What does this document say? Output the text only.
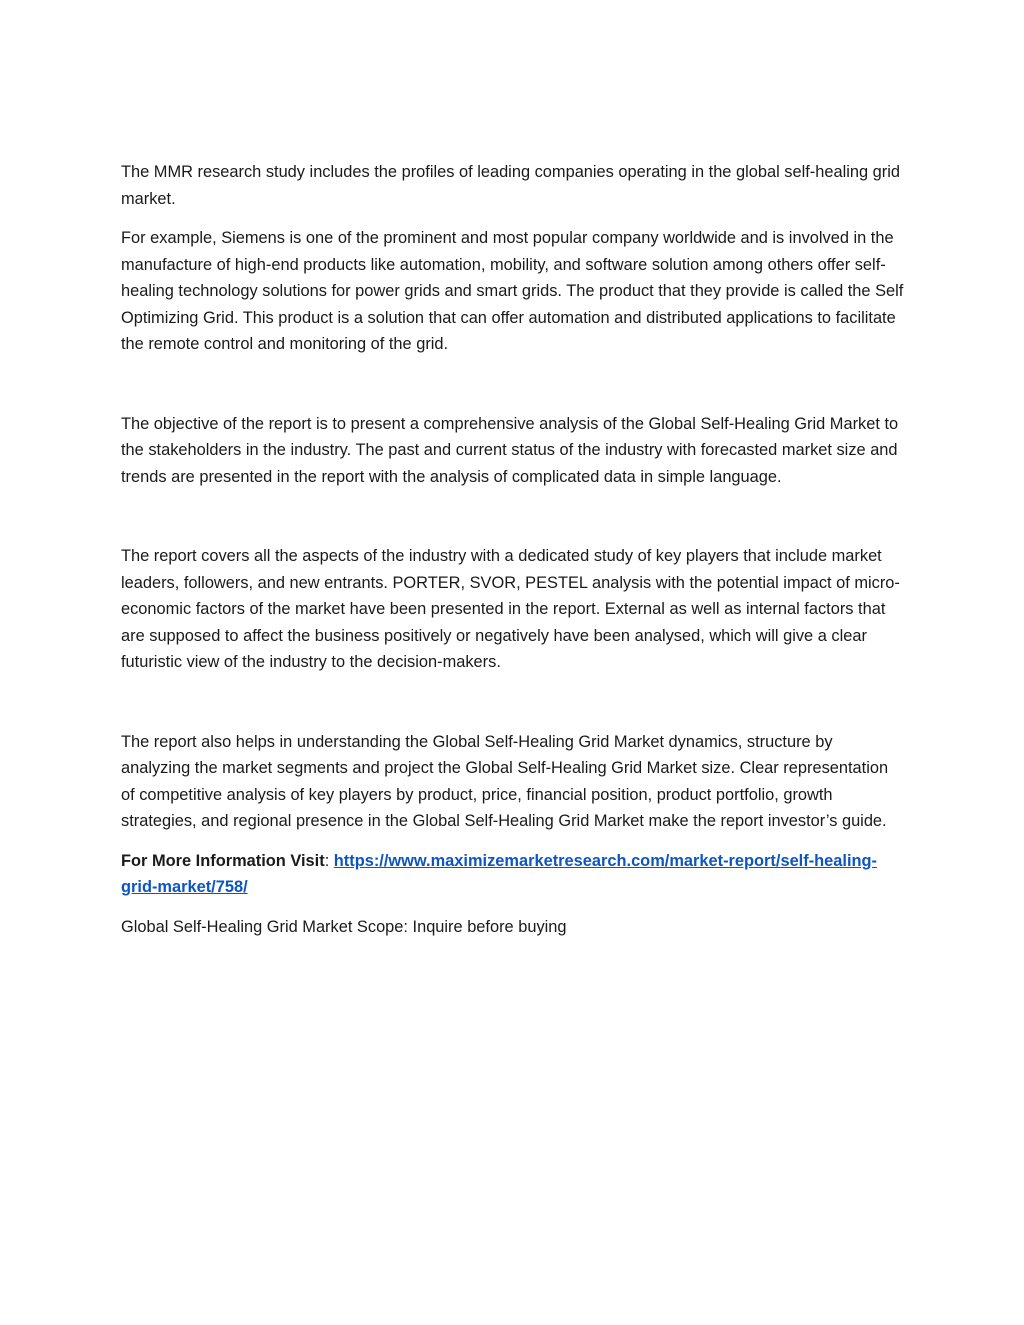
The MMR research study includes the profiles of leading companies operating in the global self-healing grid market.

For example, Siemens is one of the prominent and most popular company worldwide and is involved in the manufacture of high-end products like automation, mobility, and software solution among others offer self-healing technology solutions for power grids and smart grids. The product that they provide is called the Self Optimizing Grid. This product is a solution that can offer automation and distributed applications to facilitate the remote control and monitoring of the grid.

The objective of the report is to present a comprehensive analysis of the Global Self-Healing Grid Market to the stakeholders in the industry. The past and current status of the industry with forecasted market size and trends are presented in the report with the analysis of complicated data in simple language.

The report covers all the aspects of the industry with a dedicated study of key players that include market leaders, followers, and new entrants. PORTER, SVOR, PESTEL analysis with the potential impact of micro-economic factors of the market have been presented in the report. External as well as internal factors that are supposed to affect the business positively or negatively have been analysed, which will give a clear futuristic view of the industry to the decision-makers.

The report also helps in understanding the Global Self-Healing Grid Market dynamics, structure by analyzing the market segments and project the Global Self-Healing Grid Market size. Clear representation of competitive analysis of key players by product, price, financial position, product portfolio, growth strategies, and regional presence in the Global Self-Healing Grid Market make the report investor’s guide.

For More Information Visit: https://www.maximizemarketresearch.com/market-report/self-healing-grid-market/758/

Global Self-Healing Grid Market Scope: Inquire before buying
